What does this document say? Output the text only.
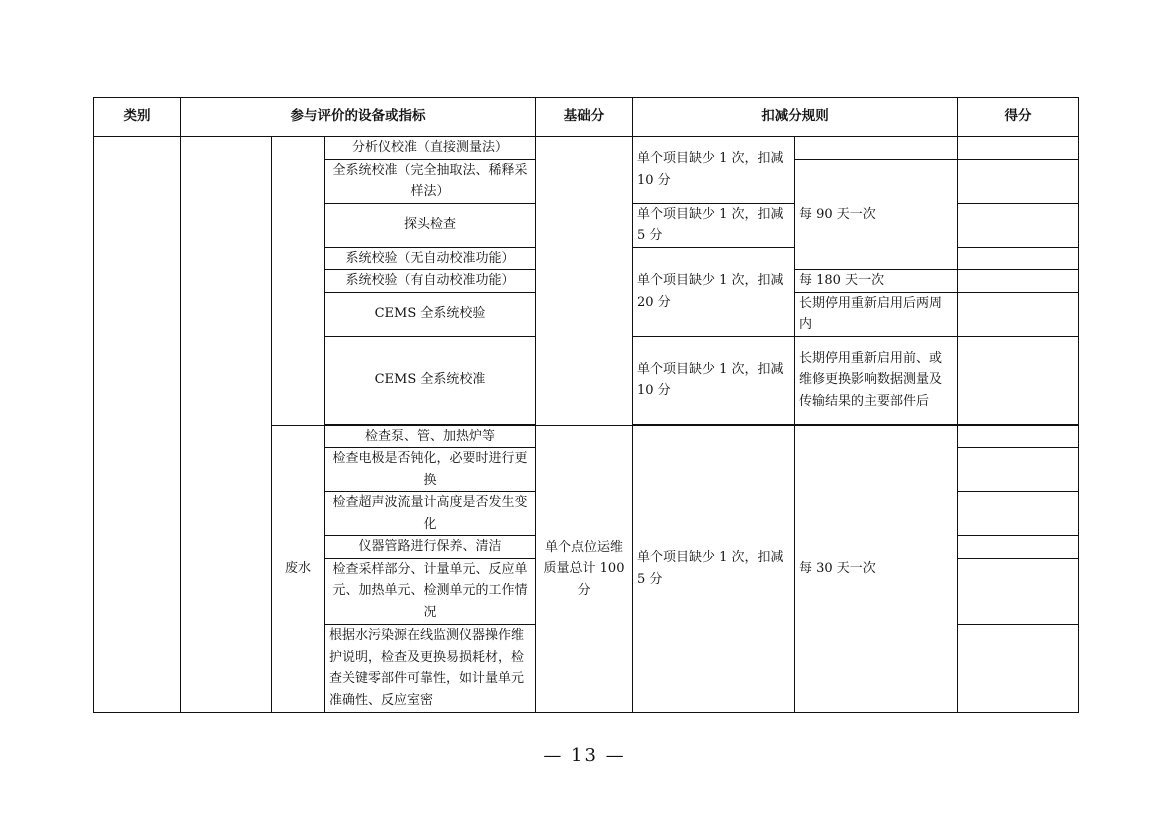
类别	参与评价的设备或指标			基础分	扣减分规则		得分
			分析仪校准（直接测量法）		单个项目缺少 1 次，扣减 10 分		
			全系统校准（完全抽取法、稀释采样法）			每 90 天一次	
			探头检查		单个项目缺少 1 次，扣减 5 分		
			系统校验（无自动校准功能）		单个项目缺少 1 次，扣减 20 分		
			系统校验（有自动校准功能）			每 180 天一次	
			CEMS 全系统校验			长期停用重新启用后两周内	
			CEMS 全系统校准		单个项目缺少 1 次，扣减 10 分	长期停用重新启用前、或维修更换影响数据测量及传输结果的主要部件后	

		废水	检查泵、管、加热炉等	单个点位运维质量总计 100 分	单个项目缺少 1 次，扣减 5 分	每 30 天一次	
			检查电极是否钝化，必要时进行更换				
			检查超声波流量计高度是否发生变化				
			仪器管路进行保养、清洁				
			检查采样部分、计量单元、反应单元、加热单元、检测单元的工作情况				
			根据水污染源在线监测仪器操作维护说明，检查及更换易损耗材，检查关键零部件可靠性，如计量单元准确性、反应室密				

— 13 —
